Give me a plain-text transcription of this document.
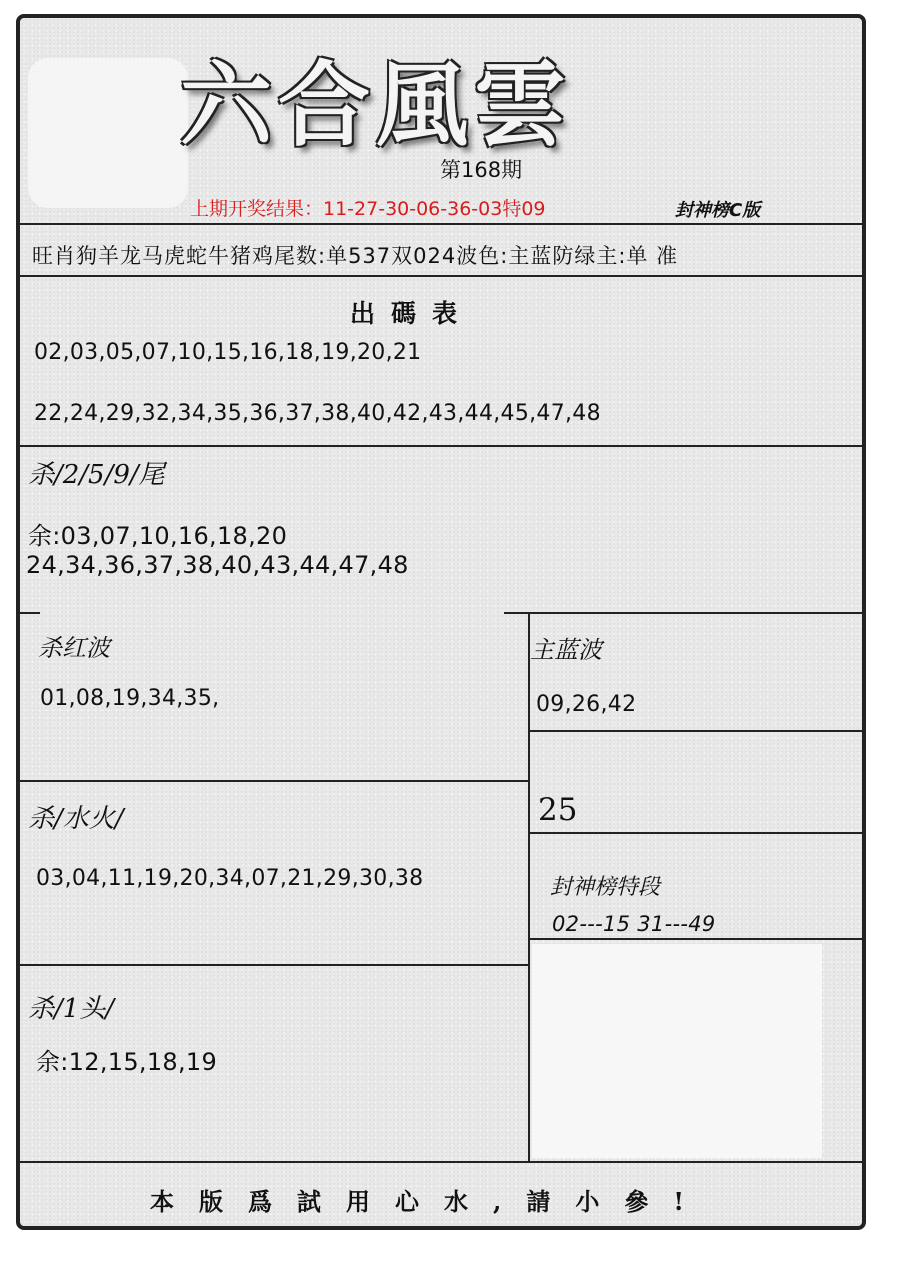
六合風雲
第168期
上期开奖结果：11-27-30-06-36-03特09	封神榜C版
旺肖狗羊龙马虎蛇牛猪鸡尾数:单537双024波色:主蓝防绿主:单 准
出碼表
02,03,05,07,10,15,16,18,19,20,21
22,24,29,32,34,35,36,37,38,40,42,43,44,45,47,48
杀/2/5/9/尾
余:03,07,10,16,18,20
24,34,36,37,38,40,43,44,47,48
杀红波
01,08,19,34,35,
杀/水火/
03,04,11,19,20,34,07,21,29,30,38
杀/1头/
余:12,15,18,19
主蓝波
09,26,42
25
封神榜特段
02---15 31---49
本版爲試用心水,請小參!
